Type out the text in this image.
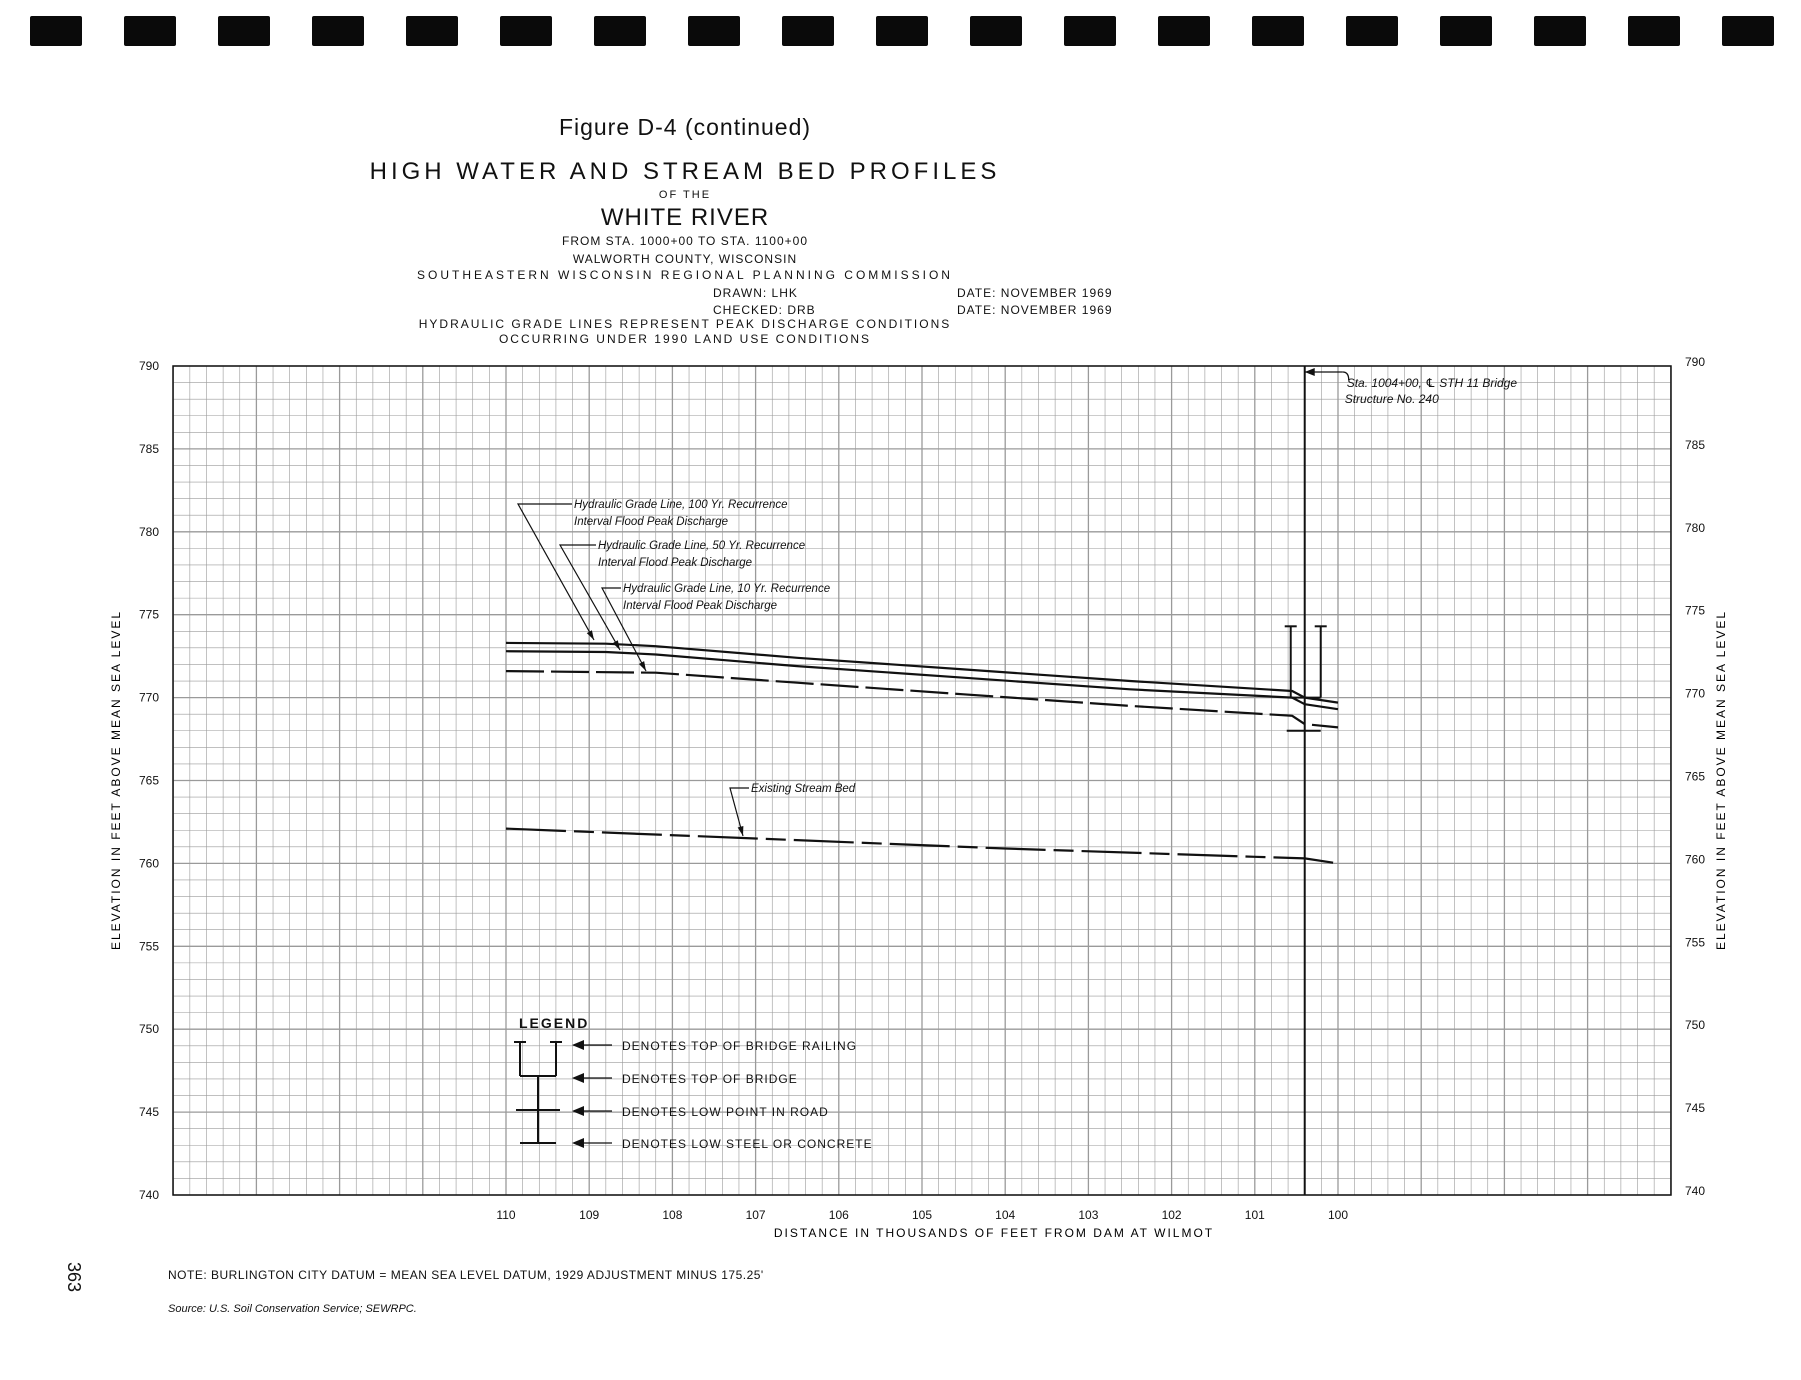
Figure D-4 (continued)
HIGH WATER AND STREAM BED PROFILES
OF THE
WHITE RIVER
FROM STA. 1000+00 TO STA. 1100+00
WALWORTH COUNTY, WISCONSIN
SOUTHEASTERN WISCONSIN REGIONAL PLANNING COMMISSION
DRAWN: LHK	DATE: NOVEMBER 1969
CHECKED: DRB	DATE: NOVEMBER 1969
HYDRAULIC GRADE LINES REPRESENT PEAK DISCHARGE CONDITIONS
OCCURRING UNDER 1990 LAND USE CONDITIONS
790	790
785	785
780	780
775	775
770	770
765	765
760	760
755	755
750	750
745	745
740	740
110	109	108	107	106	105	104	103	102	101	100
Sta. 1004+00, ℄ STH 11 Bridge
Structure No. 240
Hydraulic Grade Line, 100 Yr. Recurrence
Interval Flood Peak Discharge
Hydraulic Grade Line, 50 Yr. Recurrence
Interval Flood Peak Discharge
Hydraulic Grade Line, 10 Yr. Recurrence
Interval Flood Peak Discharge
Existing Stream Bed
LEGEND
DENOTES TOP OF BRIDGE RAILING
DENOTES TOP OF BRIDGE
DENOTES LOW POINT IN ROAD
DENOTES LOW STEEL OR CONCRETE
DISTANCE IN THOUSANDS OF FEET FROM DAM AT WILMOT
ELEVATION IN FEET ABOVE MEAN SEA LEVEL	ELEVATION IN FEET ABOVE MEAN SEA LEVEL
NOTE: BURLINGTON CITY DATUM = MEAN SEA LEVEL DATUM, 1929 ADJUSTMENT MINUS 175.25'
Source: U.S. Soil Conservation Service; SEWRPC.
363
